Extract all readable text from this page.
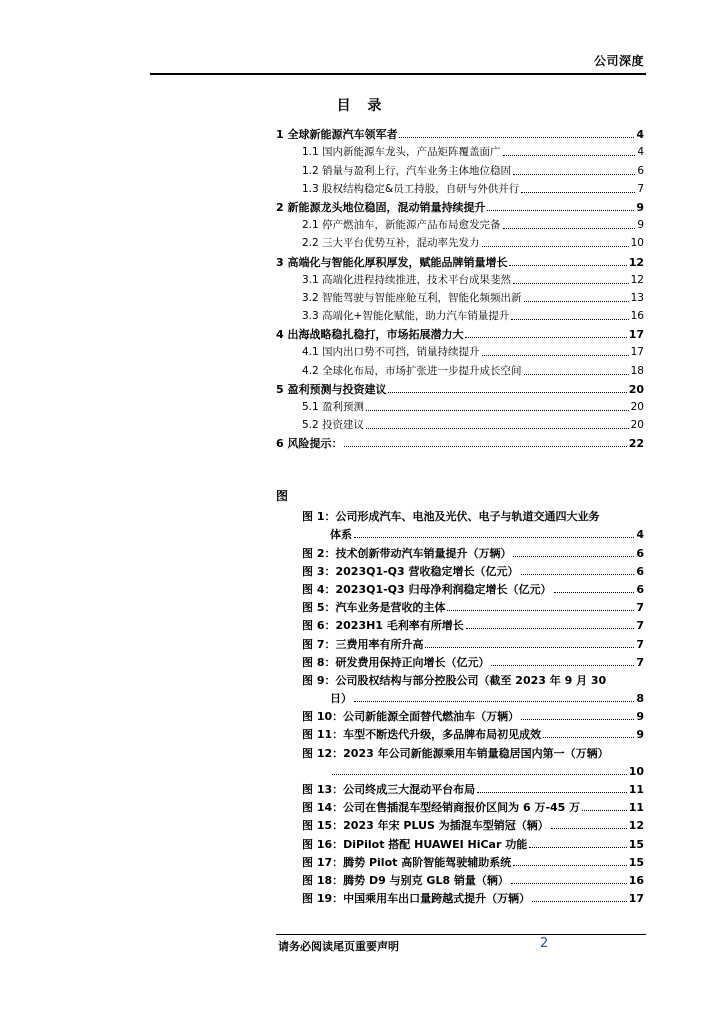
公司深度
目 录
1 全球新能源汽车领军者	4
1.1 国内新能源车龙头，产品矩阵覆盖面广	4
1.2 销量与盈利上行，汽车业务主体地位稳固	6
1.3 股权结构稳定&员工持股，自研与外供并行	7
2 新能源龙头地位稳固，混动销量持续提升	9
2.1 停产燃油车，新能源产品布局愈发完备	9
2.2 三大平台优势互补，混动率先发力	10
3 高端化与智能化厚积厚发，赋能品牌销量增长	12
3.1 高端化进程持续推进，技术平台成果斐然	12
3.2 智能驾驶与智能座舱互利，智能化频频出新	13
3.3 高端化+智能化赋能，助力汽车销量提升	16
4 出海战略稳扎稳打，市场拓展潜力大	17
4.1 国内出口势不可挡，销量持续提升	17
4.2 全球化布局，市场扩张进一步提升成长空间	18
5 盈利预测与投资建议	20
5.1 盈利预测	20
5.2 投资建议	20
6 风险提示：	22
图
图 1：公司形成汽车、电池及光伏、电子与轨道交通四大业务
体系	4
图 2：技术创新带动汽车销量提升（万辆）	6
图 3：2023Q1-Q3 营收稳定增长（亿元）	6
图 4：2023Q1-Q3 归母净利润稳定增长（亿元）	6
图 5：汽车业务是营收的主体	7
图 6：2023H1 毛利率有所增长	7
图 7：三费用率有所升高	7
图 8：研发费用保持正向增长（亿元）	7
图 9：公司股权结构与部分控股公司（截至 2023 年 9 月 30
日）	8
图 10：公司新能源全面替代燃油车（万辆）	9
图 11：车型不断迭代升级，多品牌布局初见成效	9
图 12：2023 年公司新能源乘用车销量稳居国内第一（万辆）
10
图 13：公司终成三大混动平台布局	11
图 14：公司在售插混车型经销商报价区间为 6 万-45 万	11
图 15：2023 年宋 PLUS 为插混车型销冠（辆）	12
图 16：DiPilot 搭配 HUAWEI HiCar 功能	15
图 17：腾势 Pilot 高阶智能驾驶辅助系统	15
图 18：腾势 D9 与别克 GL8 销量（辆）	16
图 19：中国乘用车出口量跨越式提升（万辆）	17
请务必阅读尾页重要声明	2
